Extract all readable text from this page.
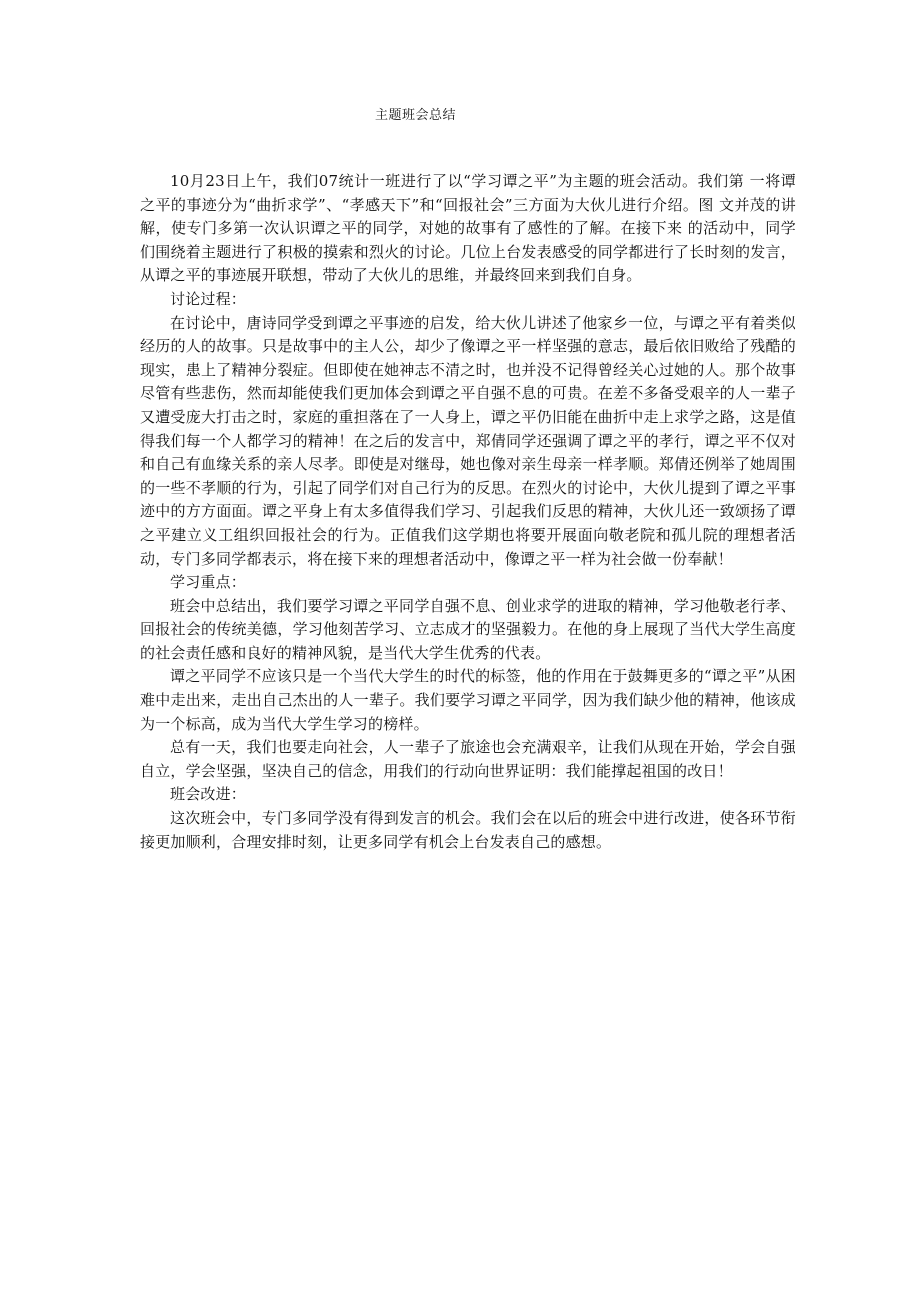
主题班会总结

10月23日上午，我们07统计一班进行了以“学习谭之平”为主题的班会活动。我们第 一将谭之平的事迹分为“曲折求学”、“孝感天下”和“回报社会”三方面为大伙儿进行介绍。图 文并茂的讲解，使专门多第一次认识谭之平的同学，对她的故事有了感性的了解。在接下来 的活动中，同学们围绕着主题进行了积极的摸索和烈火的讨论。几位上台发表感受的同学都进行了长时刻的发言，从谭之平的事迹展开联想，带动了大伙儿的思维，并最终回来到我们自身。

讨论过程：

在讨论中，唐诗同学受到谭之平事迹的启发，给大伙儿讲述了他家乡一位，与谭之平有着类似经历的人的故事。只是故事中的主人公，却少了像谭之平一样坚强的意志，最后依旧败给了残酷的现实，患上了精神分裂症。但即使在她神志不清之时，也并没不记得曾经关心过她的人。那个故事尽管有些悲伤，然而却能使我们更加体会到谭之平自强不息的可贵。在差不多备受艰辛的人一辈子又遭受庞大打击之时，家庭的重担落在了一人身上，谭之平仍旧能在曲折中走上求学之路，这是值得我们每一个人都学习的精神！在之后的发言中，郑倩同学还强调了谭之平的孝行，谭之平不仅对和自己有血缘关系的亲人尽孝。即使是对继母，她也像对亲生母亲一样孝顺。郑倩还例举了她周围的一些不孝顺的行为，引起了同学们对自己行为的反思。在烈火的讨论中，大伙儿提到了谭之平事迹中的方方面面。谭之平身上有太多值得我们学习、引起我们反思的精神，大伙儿还一致颂扬了谭之平建立义工组织回报社会的行为。正值我们这学期也将要开展面向敬老院和孤儿院的理想者活动，专门多同学都表示，将在接下来的理想者活动中，像谭之平一样为社会做一份奉献！

学习重点：

班会中总结出，我们要学习谭之平同学自强不息、创业求学的进取的精神，学习他敬老行孝、回报社会的传统美德，学习他刻苦学习、立志成才的坚强毅力。在他的身上展现了当代大学生高度的社会责任感和良好的精神风貌，是当代大学生优秀的代表。

谭之平同学不应该只是一个当代大学生的时代的标签，他的作用在于鼓舞更多的“谭之平”从困难中走出来，走出自己杰出的人一辈子。我们要学习谭之平同学，因为我们缺少他的精神，他该成为一个标高，成为当代大学生学习的榜样。

总有一天，我们也要走向社会，人一辈子了旅途也会充满艰辛，让我们从现在开始，学会自强自立，学会坚强，坚决自己的信念，用我们的行动向世界证明：我们能撑起祖国的改日！

班会改进：

这次班会中，专门多同学没有得到发言的机会。我们会在以后的班会中进行改进，使各环节衔接更加顺利，合理安排时刻，让更多同学有机会上台发表自己的感想。
